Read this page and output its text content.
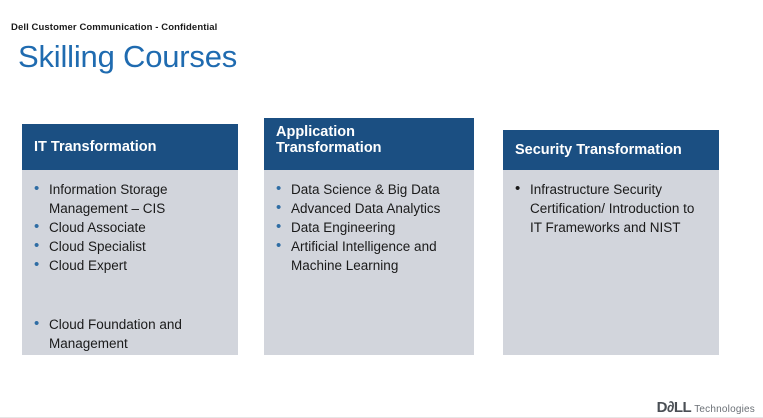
Dell Customer Communication - Confidential
Skilling Courses
IT Transformation
• Information Storage Management – CIS
• Cloud Associate
• Cloud Specialist
• Cloud Expert
• Cloud Foundation and Management
Application Transformation
• Data Science & Big Data
• Advanced Data Analytics
• Data Engineering
• Artificial Intelligence and Machine Learning
Security Transformation
• Infrastructure Security Certification/ Introduction to IT Frameworks and NIST
D∂LL Technologies
